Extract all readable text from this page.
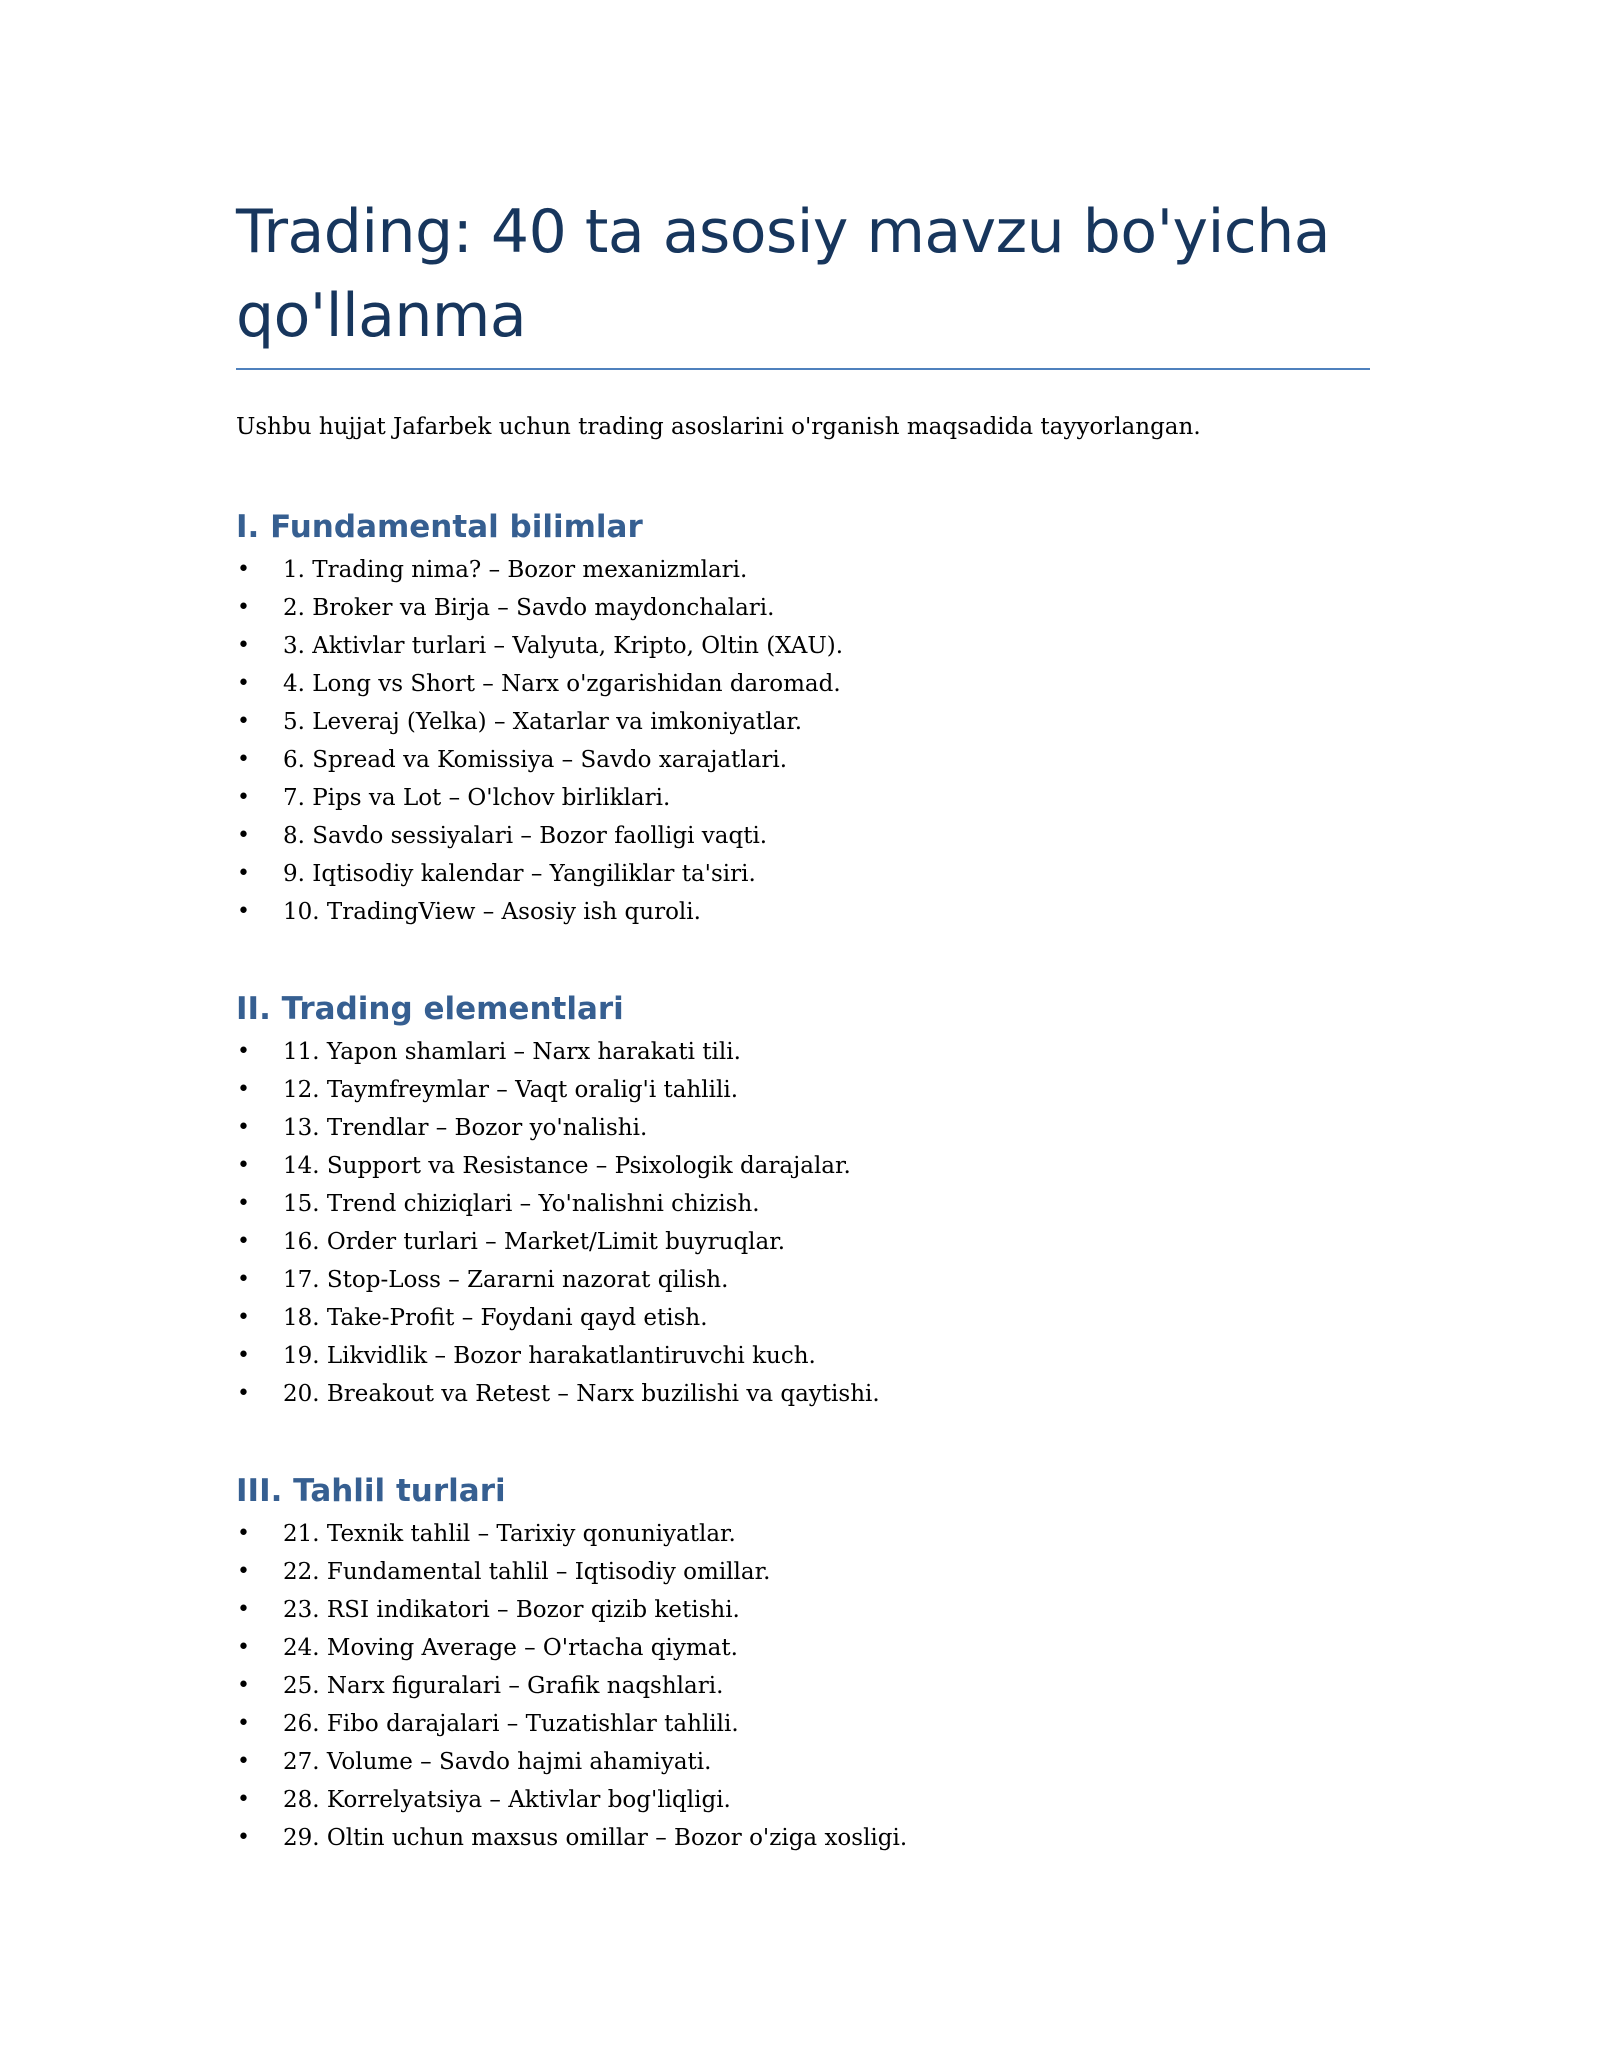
Trading: 40 ta asosiy mavzu bo'yicha qo'llanma

Ushbu hujjat Jafarbek uchun trading asoslarini o'rganish maqsadida tayyorlangan.

I. Fundamental bilimlar
• 1. Trading nima? – Bozor mexanizmlari.
• 2. Broker va Birja – Savdo maydonchalari.
• 3. Aktivlar turlari – Valyuta, Kripto, Oltin (XAU).
• 4. Long vs Short – Narx o'zgarishidan daromad.
• 5. Leveraj (Yelka) – Xatarlar va imkoniyatlar.
• 6. Spread va Komissiya – Savdo xarajatlari.
• 7. Pips va Lot – O'lchov birliklari.
• 8. Savdo sessiyalari – Bozor faolligi vaqti.
• 9. Iqtisodiy kalendar – Yangiliklar ta'siri.
• 10. TradingView – Asosiy ish quroli.
II. Trading elementlari
• 11. Yapon shamlari – Narx harakati tili.
• 12. Taymfreymlar – Vaqt oralig'i tahlili.
• 13. Trendlar – Bozor yo'nalishi.
• 14. Support va Resistance – Psixologik darajalar.
• 15. Trend chiziqlari – Yo'nalishni chizish.
• 16. Order turlari – Market/Limit buyruqlar.
• 17. Stop-Loss – Zararni nazorat qilish.
• 18. Take-Profit – Foydani qayd etish.
• 19. Likvidlik – Bozor harakatlantiruvchi kuch.
• 20. Breakout va Retest – Narx buzilishi va qaytishi.
III. Tahlil turlari
• 21. Texnik tahlil – Tarixiy qonuniyatlar.
• 22. Fundamental tahlil – Iqtisodiy omillar.
• 23. RSI indikatori – Bozor qizib ketishi.
• 24. Moving Average – O'rtacha qiymat.
• 25. Narx figuralari – Grafik naqshlari.
• 26. Fibo darajalari – Tuzatishlar tahlili.
• 27. Volume – Savdo hajmi ahamiyati.
• 28. Korrelyatsiya – Aktivlar bog'liqligi.
• 29. Oltin uchun maxsus omillar – Bozor o'ziga xosligi.
